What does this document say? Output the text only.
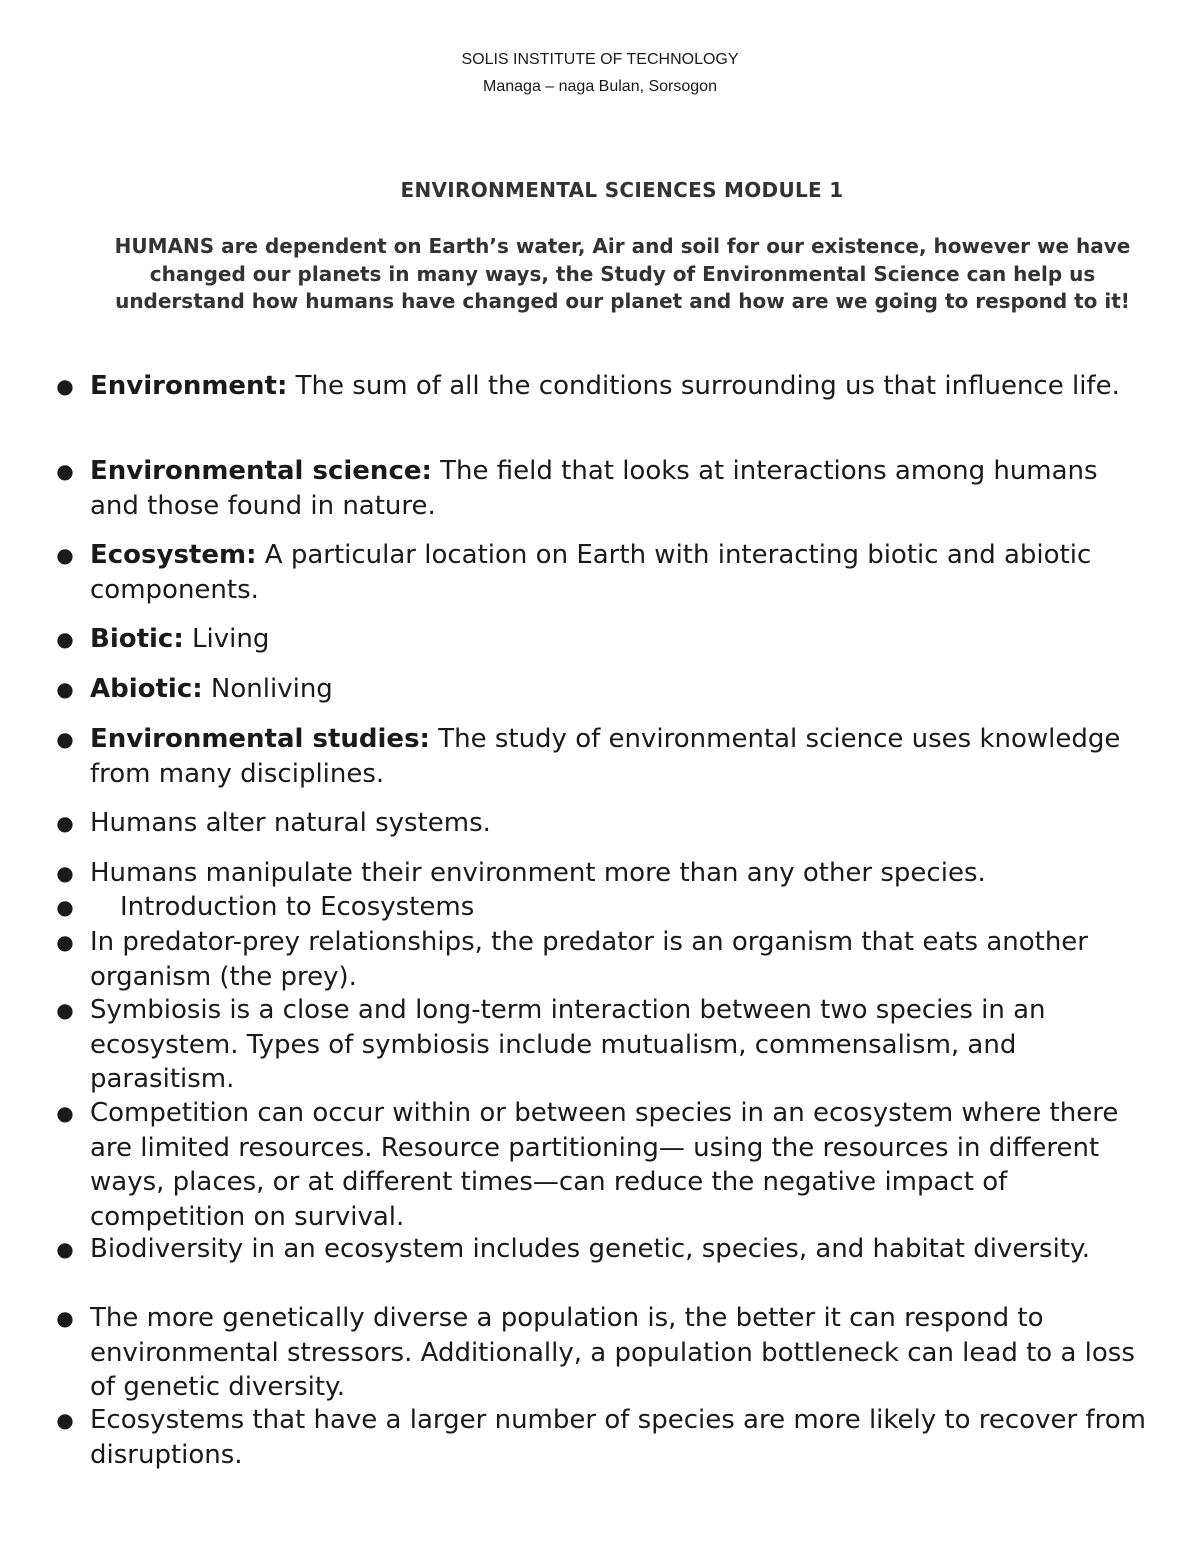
SOLIS INSTITUTE OF TECHNOLOGY
Managa – naga Bulan, Sorsogon
ENVIRONMENTAL SCIENCES MODULE 1
HUMANS are dependent on Earth’s water, Air and soil for our existence, however we have changed our planets in many ways, the Study of Environmental Science can help us understand how humans have changed our planet and how are we going to respond to it!
● Environment: The sum of all the conditions surrounding us that influence life.
● Environmental science: The field that looks at interactions among humans and those found in nature.
● Ecosystem: A particular location on Earth with interacting biotic and abiotic components.
● Biotic: Living
● Abiotic: Nonliving
● Environmental studies: The study of environmental science uses knowledge from many disciplines.
● Humans alter natural systems.
● Humans manipulate their environment more than any other species.
●	Introduction to Ecosystems
● In predator-prey relationships, the predator is an organism that eats another organism (the prey).
● Symbiosis is a close and long-term interaction between two species in an ecosystem. Types of symbiosis include mutualism, commensalism, and parasitism.
● Competition can occur within or between species in an ecosystem where there are limited resources. Resource partitioning— using the resources in different ways, places, or at different times—can reduce the negative impact of competition on survival.
● Biodiversity in an ecosystem includes genetic, species, and habitat diversity.
● The more genetically diverse a population is, the better it can respond to environmental stressors. Additionally, a population bottleneck can lead to a loss of genetic diversity.
● Ecosystems that have a larger number of species are more likely to recover from disruptions.
